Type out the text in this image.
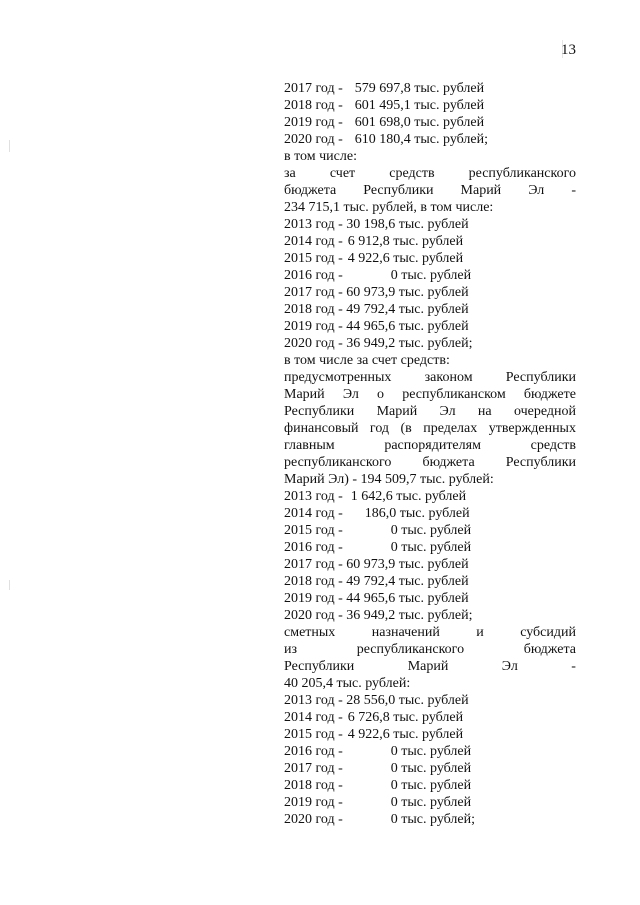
13
2017 год - 579 697,8 тыс. рублей
2018 год - 601 495,1 тыс. рублей
2019 год - 601 698,0 тыс. рублей
2020 год - 610 180,4 тыс. рублей;
в том числе:
за счет средств республиканского
бюджета Республики Марий Эл -
234 715,1 тыс. рублей, в том числе:
2013 год - 30 198,6 тыс. рублей
2014 год - 6 912,8 тыс. рублей
2015 год - 4 922,6 тыс. рублей
2016 год -	0 тыс. рублей
2017 год - 60 973,9 тыс. рублей
2018 год - 49 792,4 тыс. рублей
2019 год - 44 965,6 тыс. рублей
2020 год - 36 949,2 тыс. рублей;
в том числе за счет средств:
предусмотренных законом Республики
Марий Эл о республиканском бюджете
Республики Марий Эл на очередной
финансовый год (в пределах утвержденных
главным	распорядителям	средств
республиканского бюджета Республики
Марий Эл) - 194 509,7 тыс. рублей:
2013 год - 1 642,6 тыс. рублей
2014 год - 186,0 тыс. рублей
2015 год -	0 тыс. рублей
2016 год -	0 тыс. рублей
2017 год - 60 973,9 тыс. рублей
2018 год - 49 792,4 тыс. рублей
2019 год - 44 965,6 тыс. рублей
2020 год - 36 949,2 тыс. рублей;
сметных	назначений	и	субсидий
из	республиканского	бюджета
Республики	Марий	Эл	-
40 205,4 тыс. рублей:
2013 год - 28 556,0 тыс. рублей
2014 год - 6 726,8 тыс. рублей
2015 год - 4 922,6 тыс. рублей
2016 год -	0 тыс. рублей
2017 год -	0 тыс. рублей
2018 год -	0 тыс. рублей
2019 год -	0 тыс. рублей
2020 год -	0 тыс. рублей;
